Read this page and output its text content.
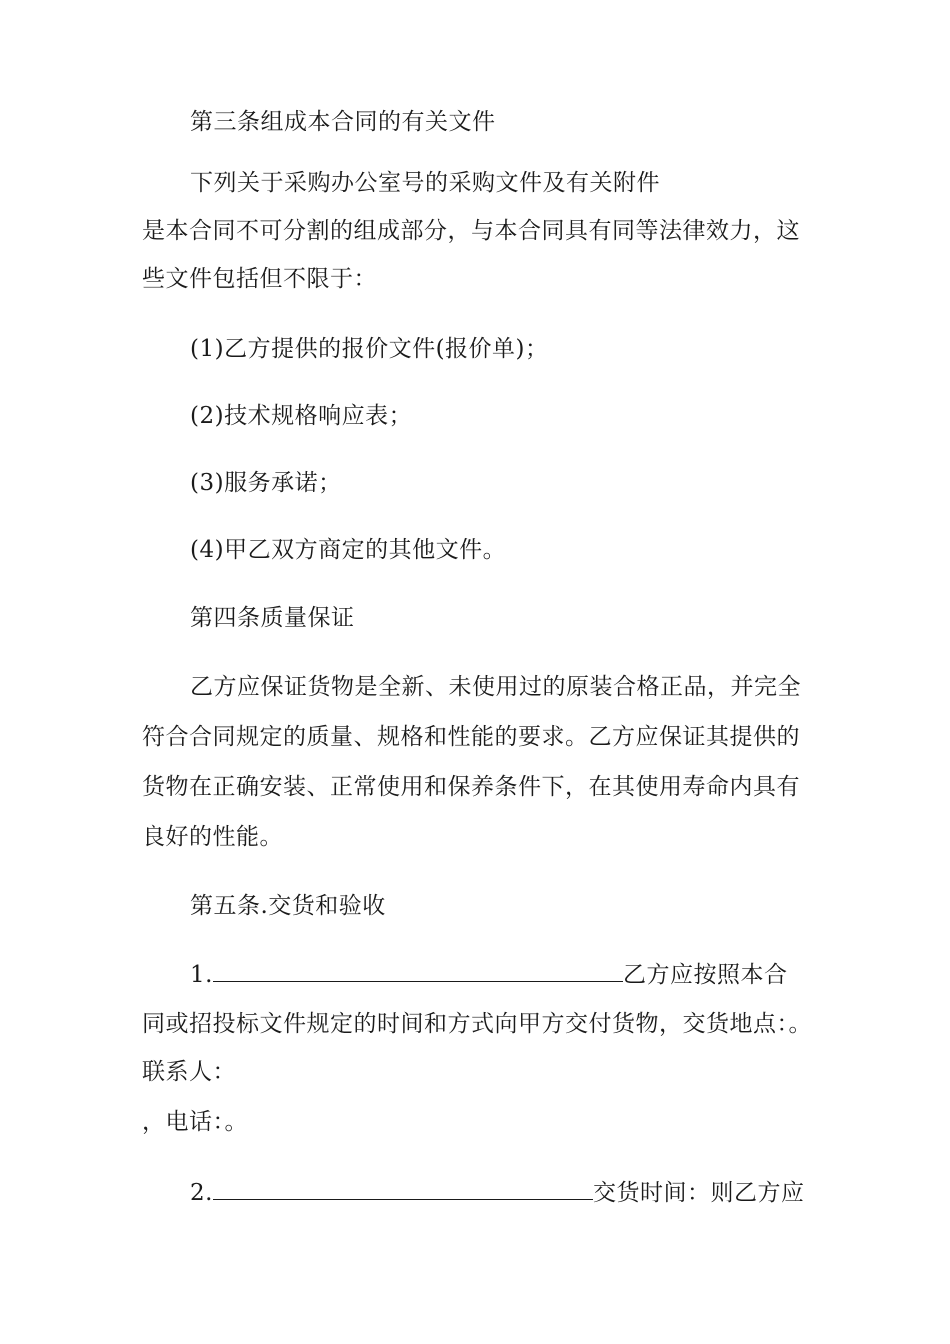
第三条组成本合同的有关文件
下列关于采购办公室号的采购文件及有关附件
是本合同不可分割的组成部分，与本合同具有同等法律效力，这
些文件包括但不限于：
(1)乙方提供的报价文件(报价单)；
(2)技术规格响应表；
(3)服务承诺；
(4)甲乙双方商定的其他文件。
第四条质量保证
乙方应保证货物是全新、未使用过的原装合格正品，并完全
符合合同规定的质量、规格和性能的要求。乙方应保证其提供的
货物在正确安装、正常使用和保养条件下，在其使用寿命内具有
良好的性能。
第五条.交货和验收
1.	乙方应按照本合
同或招投标文件规定的时间和方式向甲方交付货物，交货地点：。
联系人：
，电话：。
2.	交货时间：则乙方应
